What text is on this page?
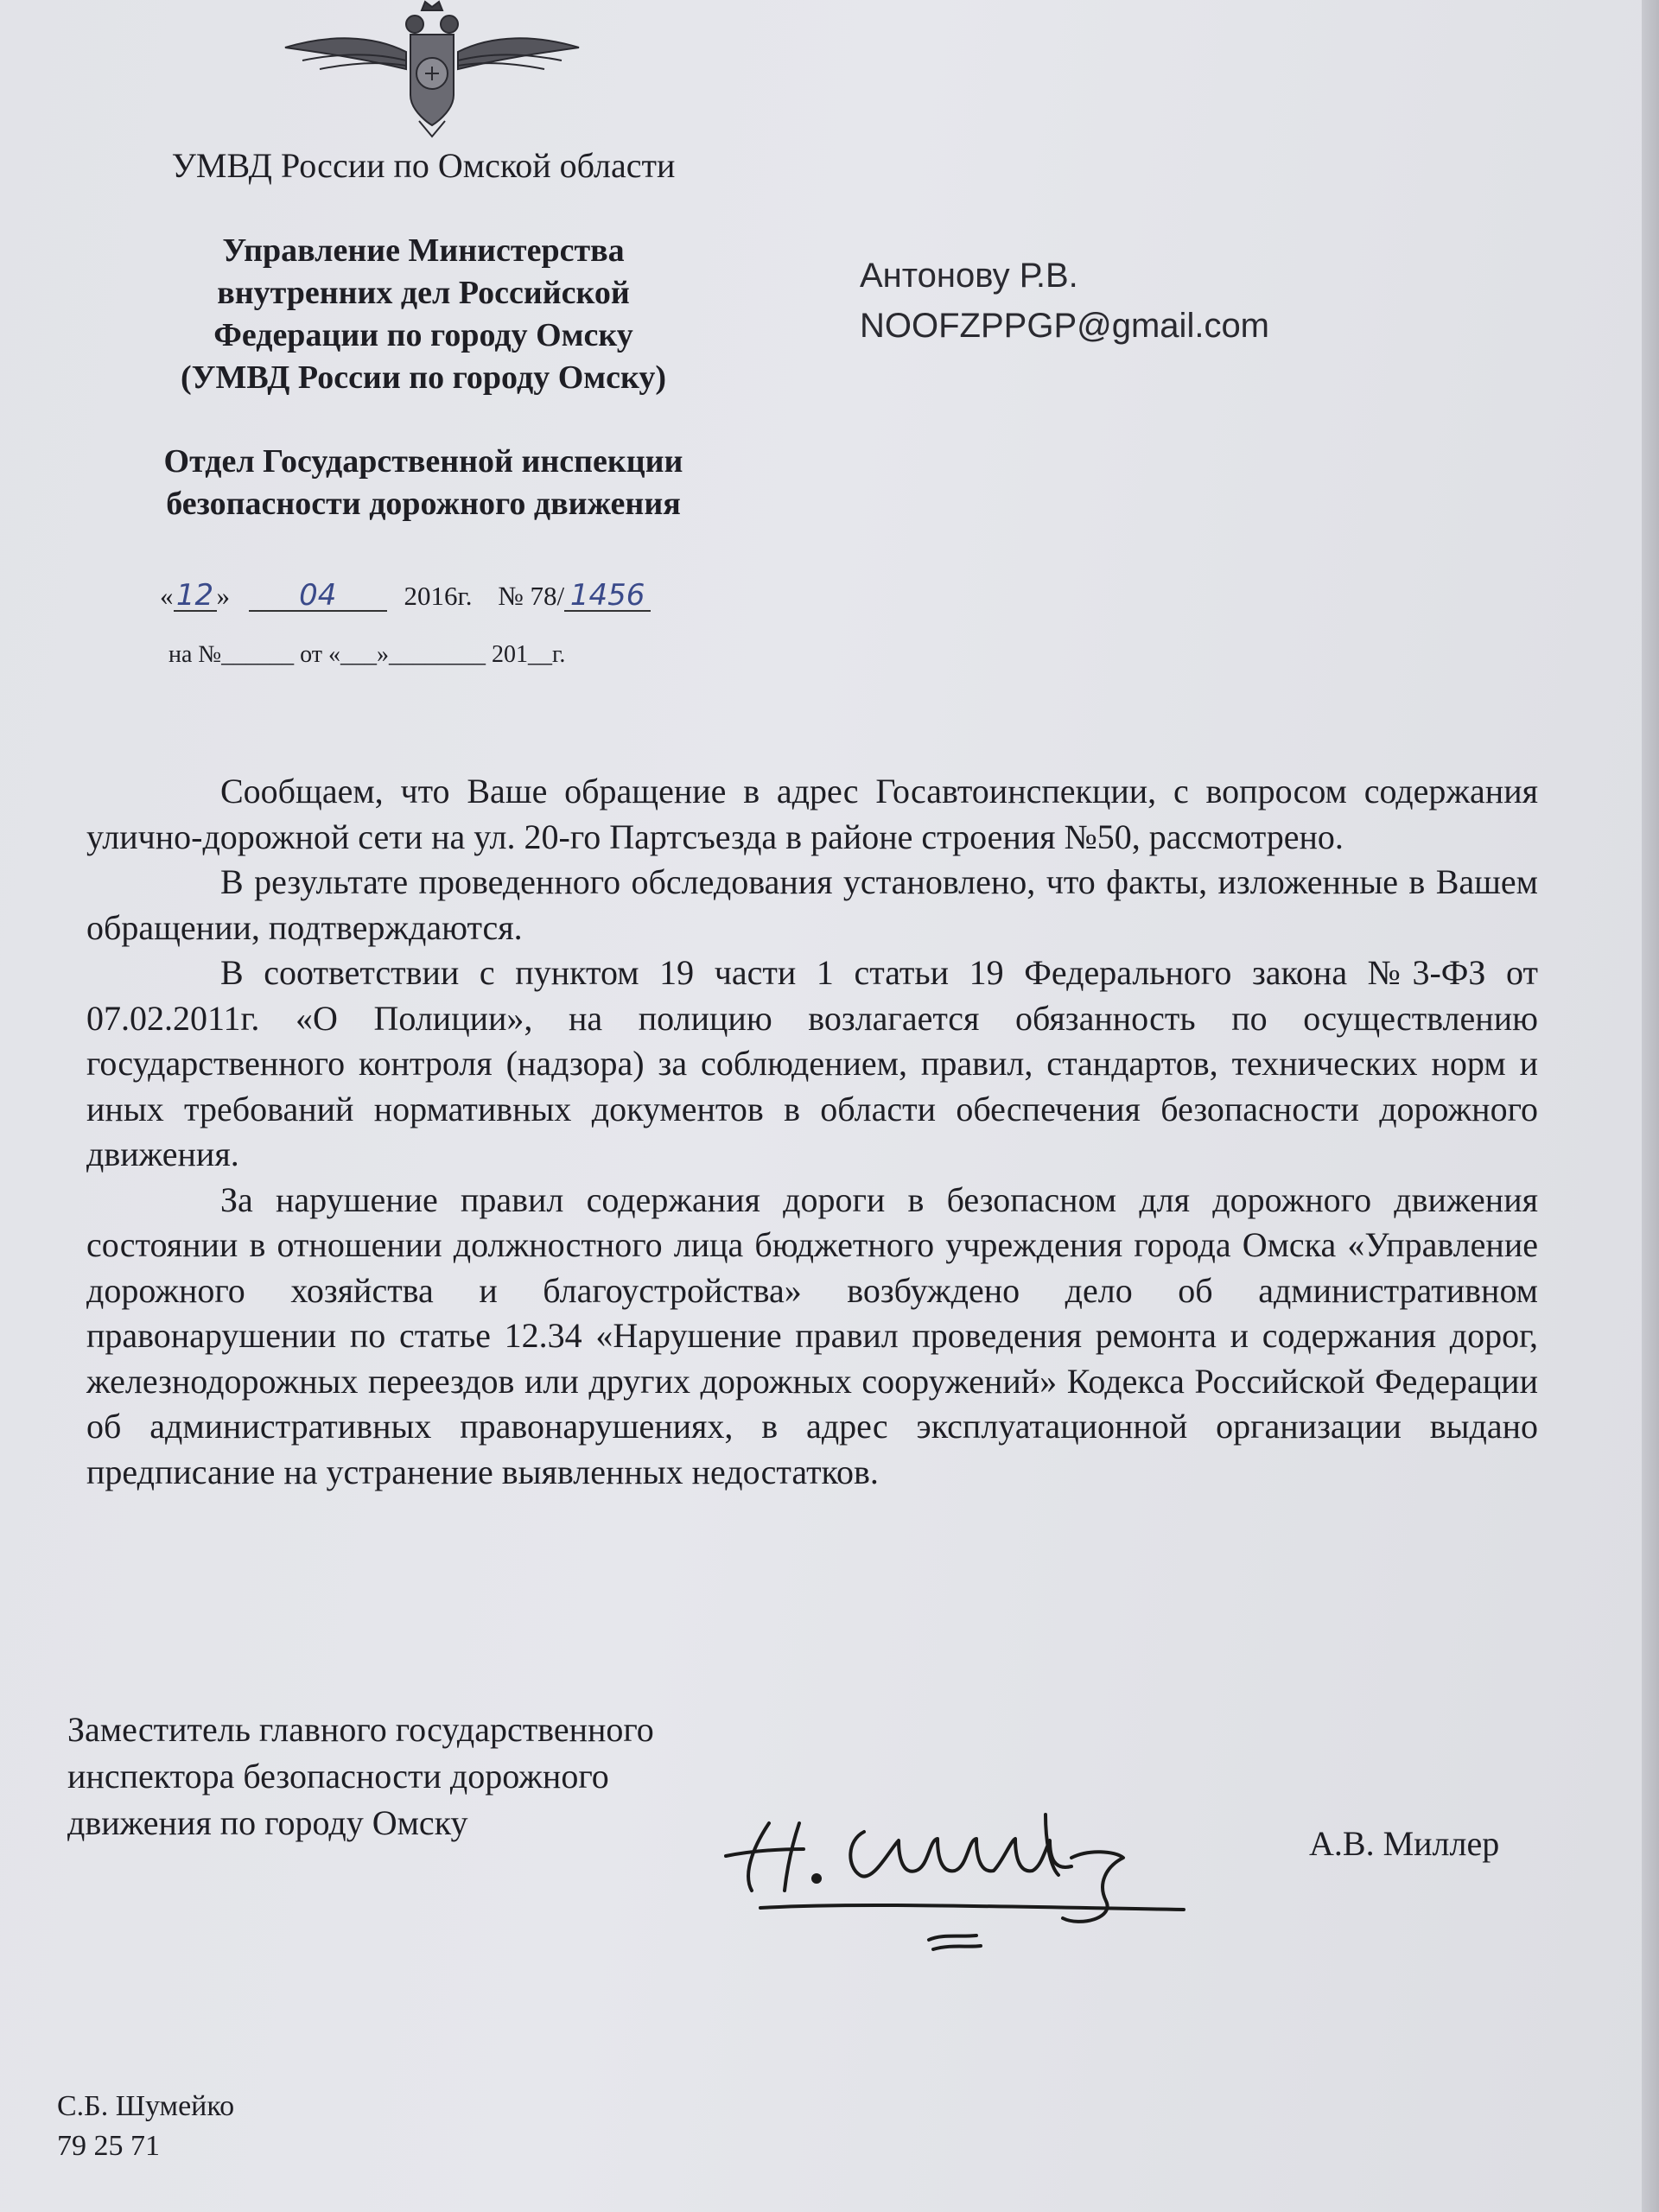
УМВД России по Омской области
Управление Министерства
внутренних дел Российской
Федерации по городу Омску
(УМВД России по городу Омску)
Отдел Государственной инспекции
безопасности дорожного движения
Антонову Р.В.
NOOFZPPGP@gmail.com
«12 » 04	2016г. № 78/ 1456
на №______ от «___»________ 201__г.

Сообщаем, что Ваше обращение в адрес Госавтоинспекции, с вопросом содержания улично-дорожной сети на ул. 20-го Партсъезда в районе строения №50, рассмотрено.

В результате проведенного обследования установлено, что факты, изложенные в Вашем обращении, подтверждаются.

В соответствии с пунктом 19 части 1 статьи 19 Федерального закона №3-ФЗ от 07.02.2011г. «О Полиции», на полицию возлагается обязанность по осуществлению государственного контроля (надзора) за соблюдением, правил, стандартов, технических норм и иных требований нормативных документов в области обеспечения безопасности дорожного движения.

За нарушение правил содержания дороги в безопасном для дорожного движения состоянии в отношении должностного лица бюджетного учреждения города Омска «Управление дорожного хозяйства и благоустройства» возбуждено дело об административном правонарушении по статье 12.34 «Нарушение правил проведения ремонта и содержания дорог, железнодорожных переездов или других дорожных сооружений» Кодекса Российской Федерации об административных правонарушениях, в адрес эксплуатационной организации выдано предписание на устранение выявленных недостатков.

Заместитель главного государственного
инспектора безопасности дорожного
движения по городу Омску
А.В. Миллер
С.Б. Шумейко
79 25 71
